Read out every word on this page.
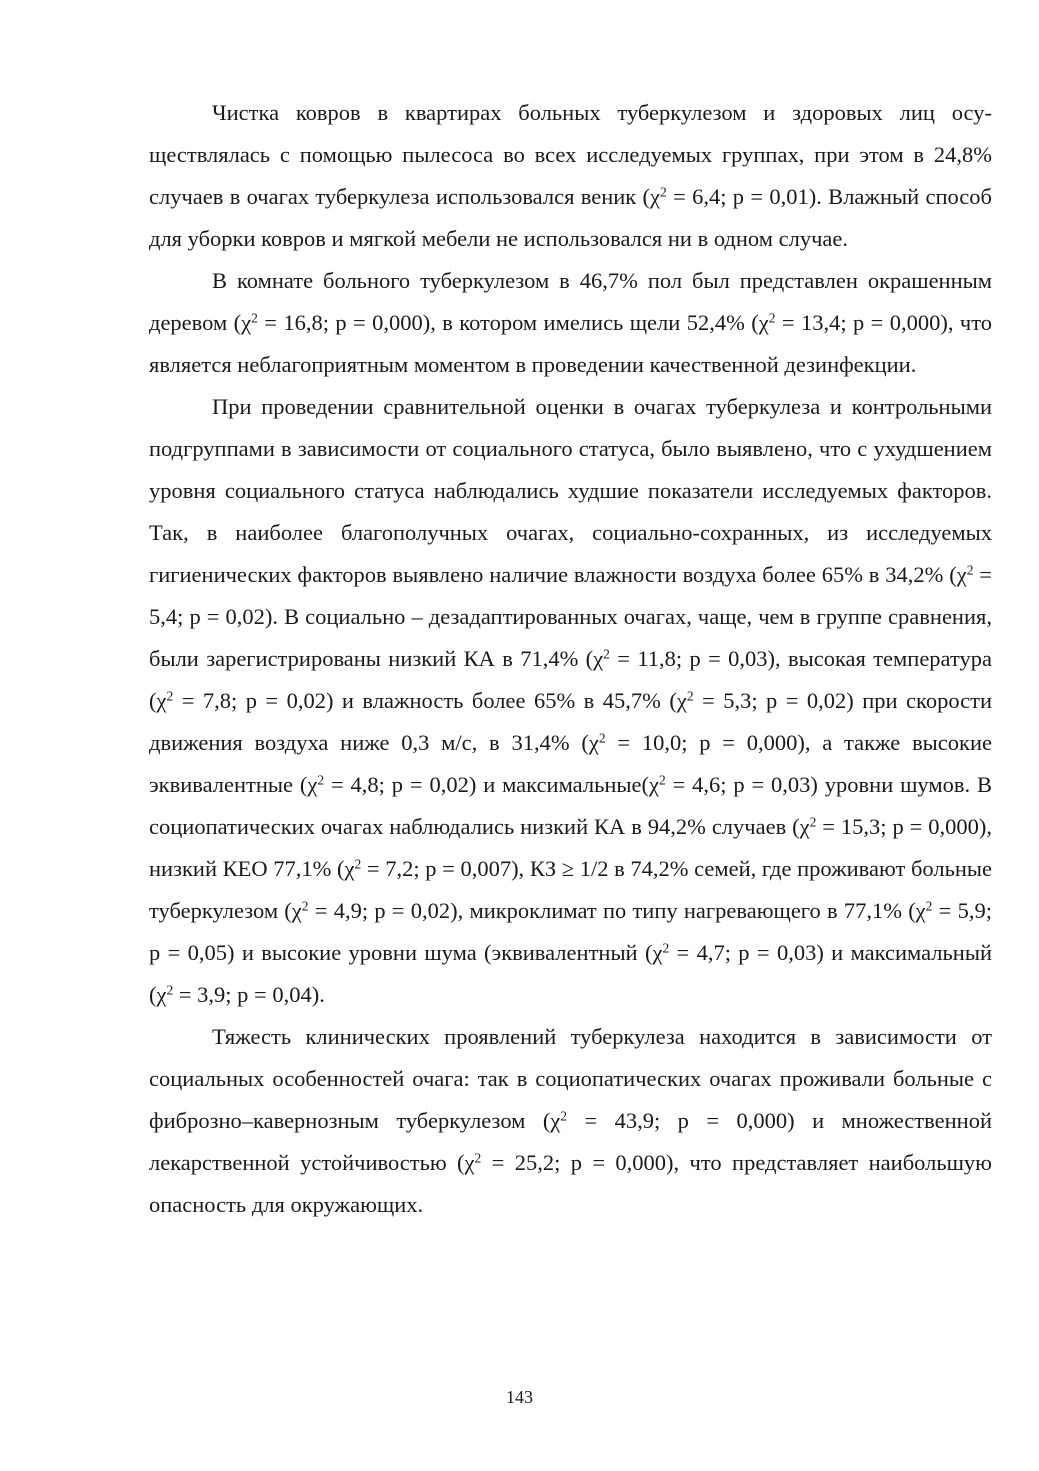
Чистка ковров в квартирах больных туберкулезом и здоровых лиц осуществлялась с помощью пылесоса во всех исследуемых группах, при этом в 24,8% случаев в очагах туберкулеза использовался веник ($\chi^2 = 6,4$; р = 0,01). Влажный способ для уборки ковров и мягкой мебели не использовался ни в одном случае.

В комнате больного туберкулезом в 46,7% пол был представлен окрашенным деревом ($\chi^2 = 16,8$; р = 0,000), в котором имелись щели 52,4% ($\chi^2 = 13,4$; р = 0,000), что является неблагоприятным моментом в проведении качественной дезинфекции.

При проведении сравнительной оценки в очагах туберкулеза и контрольными подгруппами в зависимости от социального статуса, было выявлено, что с ухудшением уровня социального статуса наблюдались худшие показатели исследуемых факторов. Так, в наиболее благополучных очагах, социально-сохранных, из исследуемых гигиенических факторов выявлено наличие влажности воздуха более 65% в 34,2% ($\chi^2 = 5,4$; р = 0,02). В социально – дезадаптированных очагах, чаще, чем в группе сравнения, были зарегистрированы низкий КА в 71,4% ($\chi^2 = 11,8$; р = 0,03), высокая температура ($\chi^2 = 7,8$; р = 0,02) и влажность более 65% в 45,7% ($\chi^2 = 5,3$; р = 0,02) при скорости движения воздуха ниже 0,3 м/с, в 31,4% ($\chi^2 = 10,0$; р = 0,000), а также высокие эквивалентные ($\chi^2 = 4,8$; р = 0,02) и $максимальные(\chi^2 = 4,6$; р = 0,03) уровни шумов. В социопатических очагах наблюдались низкий КА в 94,2% случаев ($\chi^2 = 15,3$; р = 0,000), низкий КЕО 77,1% ($\chi^2 = 7,2$; р = 0,007), КЗ ≥ 1/2 в 74,2% семей, где проживают больные туберкулезом ($\chi^2 = 4,9$; р = 0,02), микроклимат по типу нагревающего в 77,1% ($\chi^2 = 5,9$; р = 0,05) и высокие уровни шума (эквивалентный ($\chi^2 = 4,7$; р = 0,03) и максимальный ($\chi^2 = 3,9$; р = 0,04).

Тяжесть клинических проявлений туберкулеза находится в зависимости от социальных особенностей очага: так в социопатических очагах проживали больные с фиброзно–кавернозным туберкулезом ($\chi^2 = 43,9$; р = 0,000) и множественной лекарственной устойчивостью ($\chi^2 = 25,2$; р = 0,000), что представляет наибольшую опасность для окружающих.

143
